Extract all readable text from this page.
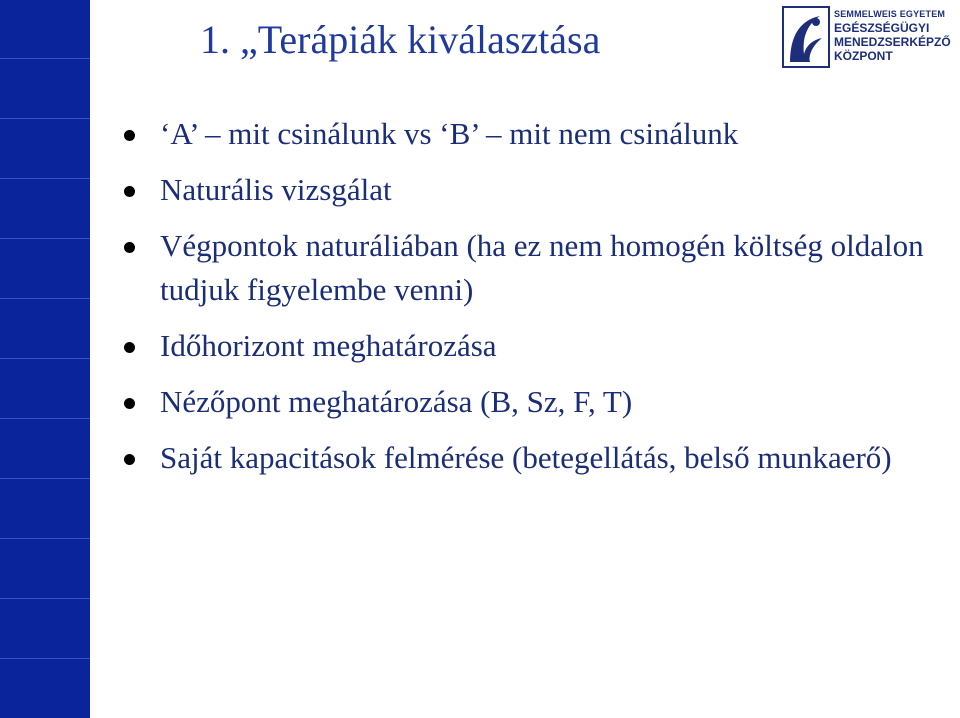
1. „Terápiák kiválasztása
SEMMELWEIS EGYETEM
EGÉSZSÉGÜGYI
MENEDZSERKÉPZŐ
KÖZPONT
‘A’ – mit csinálunk vs ‘B’ – mit nem csinálunk
Naturális vizsgálat
Végpontok naturáliában (ha ez nem homogén költség oldalon tudjuk figyelembe venni)
Időhorizont meghatározása
Nézőpont meghatározása (B, Sz, F, T)
Saját kapacitások felmérése (betegellátás, belső munkaerő)
